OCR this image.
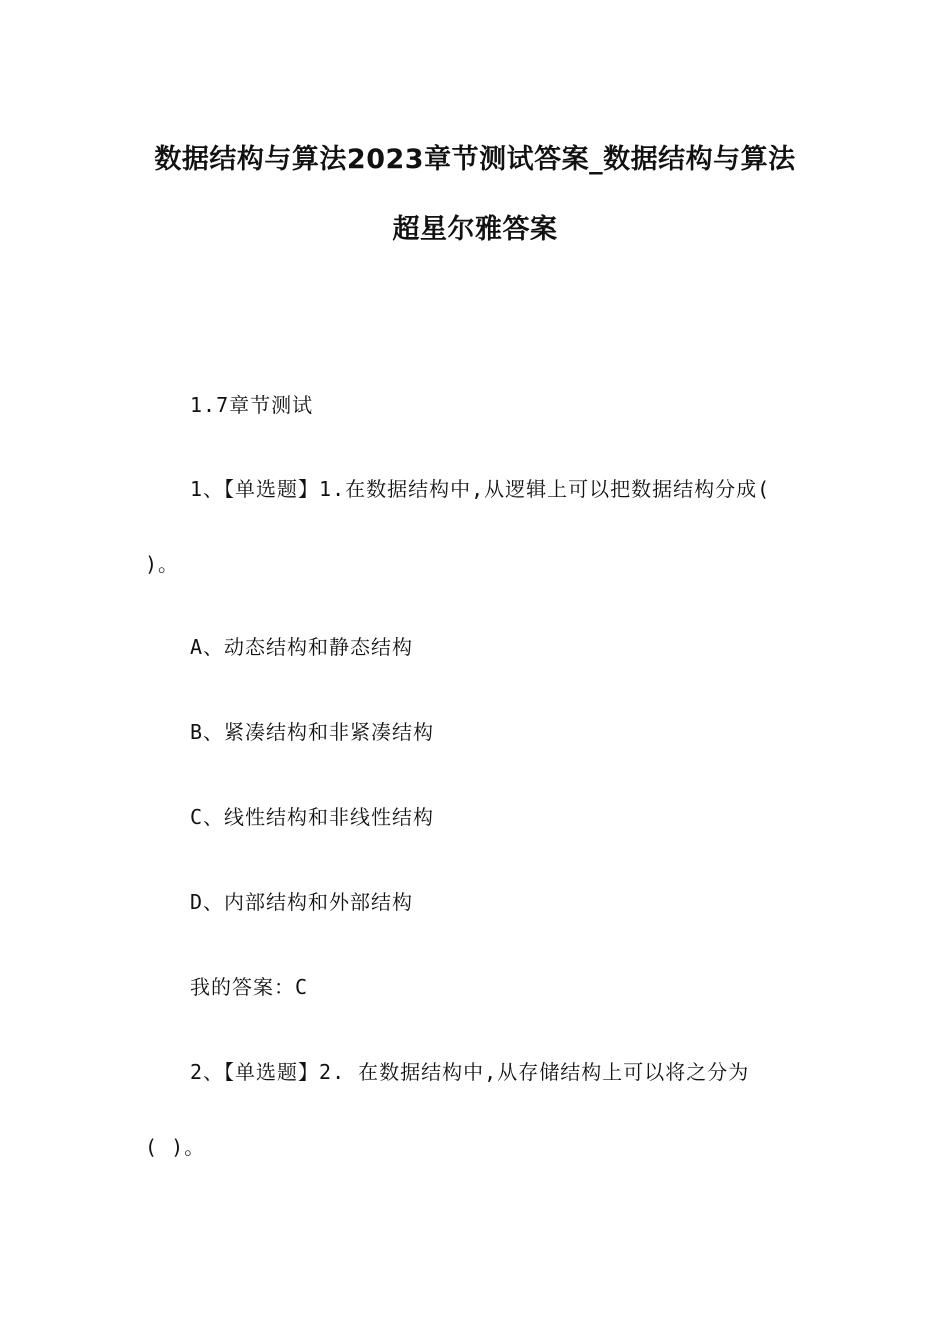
数据结构与算法2023章节测试答案_数据结构与算法
超星尔雅答案
1.7章节测试
1、【单选题】1.在数据结构中,从逻辑上可以把数据结构分成(
)。
A、动态结构和静态结构
B、紧凑结构和非紧凑结构
C、线性结构和非线性结构
D、内部结构和外部结构
我的答案：C
2、【单选题】2. 在数据结构中,从存储结构上可以将之分为
( )。
